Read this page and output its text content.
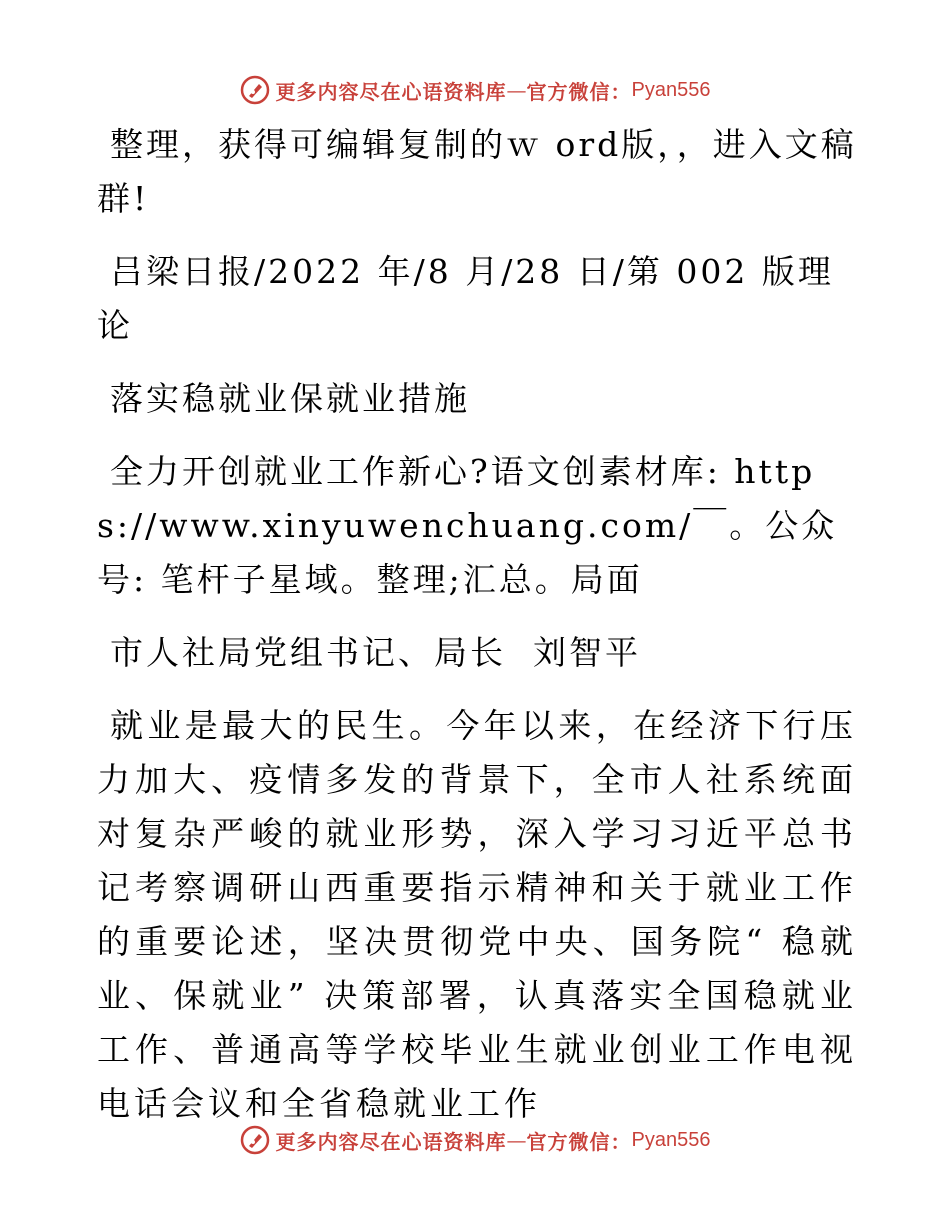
更多内容尽在心语资料库 — 官方微信： Pyan556

整理，获得可编辑复制的ｗ ord版，，进入文稿群!

吕梁日报/2022 年/8 月/28 日/第 002 版理论

落实稳就业保就业措施

全力开创就业工作新心?语文创素材库: https://www.xinyuwenchuang.com/￣。公众号: 笔杆子星域。整理;汇总。局面

市人社局党组书记、局长  刘智平

就业是最大的民生。今年以来，在经济下行压力加大、疫情多发的背景下，全市人社系统面对复杂严峻的就业形势，深入学习习近平总书记考察调研山西重要指示精神和关于就业工作的重要论述，坚决贯彻党中央、国务院“ 稳就业、保就业” 决策部署，认真落实全国稳就业工作、普通高等学校毕业生就业创业工作电视电话会议和全省稳就业工作

更多内容尽在心语资料库 — 官方微信： Pyan556
